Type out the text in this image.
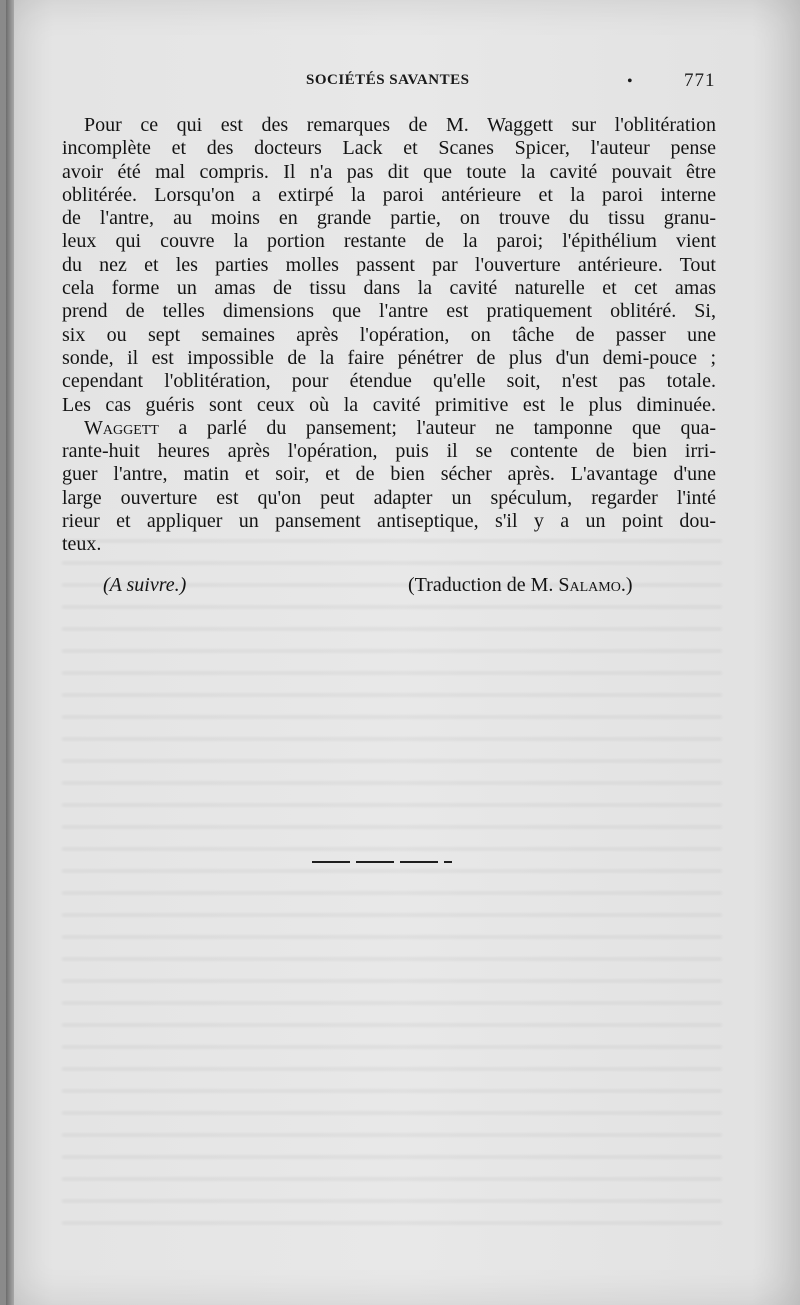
SOCIÉTÉS SAVANTES	•	771

Pour ce qui est des remarques de M. Waggett sur l'oblitération
incomplète et des docteurs Lack et Scanes Spicer, l'auteur pense
avoir été mal compris. Il n'a pas dit que toute la cavité pouvait être
oblitérée. Lorsqu'on a extirpé la paroi antérieure et la paroi interne
de l'antre, au moins en grande partie, on trouve du tissu granu-
leux qui couvre la portion restante de la paroi; l'épithélium vient
du nez et les parties molles passent par l'ouverture antérieure. Tout
cela forme un amas de tissu dans la cavité naturelle et cet amas
prend de telles dimensions que l'antre est pratiquement oblitéré. Si,
six ou sept semaines après l'opération, on tâche de passer une
sonde, il est impossible de la faire pénétrer de plus d'un demi-pouce ;
cependant l'oblitération, pour étendue qu'elle soit, n'est pas totale.
Les cas guéris sont ceux où la cavité primitive est le plus diminuée.

Waggett a parlé du pansement; l'auteur ne tamponne que qua-
rante-huit heures après l'opération, puis il se contente de bien irri-
guer l'antre, matin et soir, et de bien sécher après. L'avantage d'une
large ouverture est qu'on peut adapter un spéculum, regarder l'inté
rieur et appliquer un pansement antiseptique, s'il y a un point dou-
teux.

(A suivre.)	(Traduction de M. Salamo.)
